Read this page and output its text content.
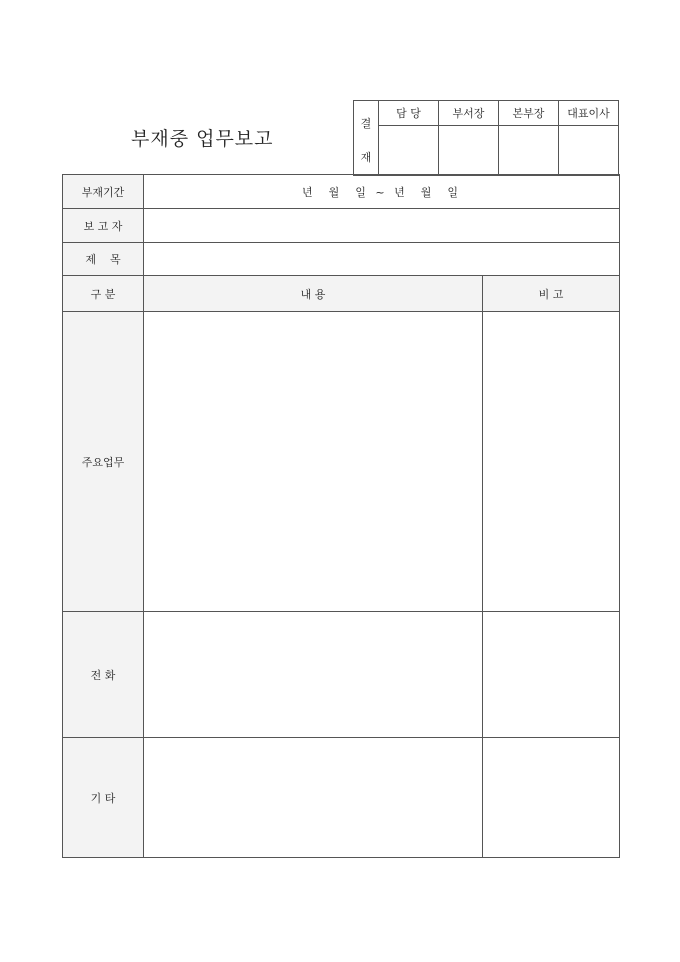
부재중 업무보고
결
재	담 당	부서장	본부장	대표이사

부재기간	년  월  일 ~ 년  월  일	
보 고 자		
제    목		
구 분	내 용	비 고
주요업무		
전 화		
기 타		
